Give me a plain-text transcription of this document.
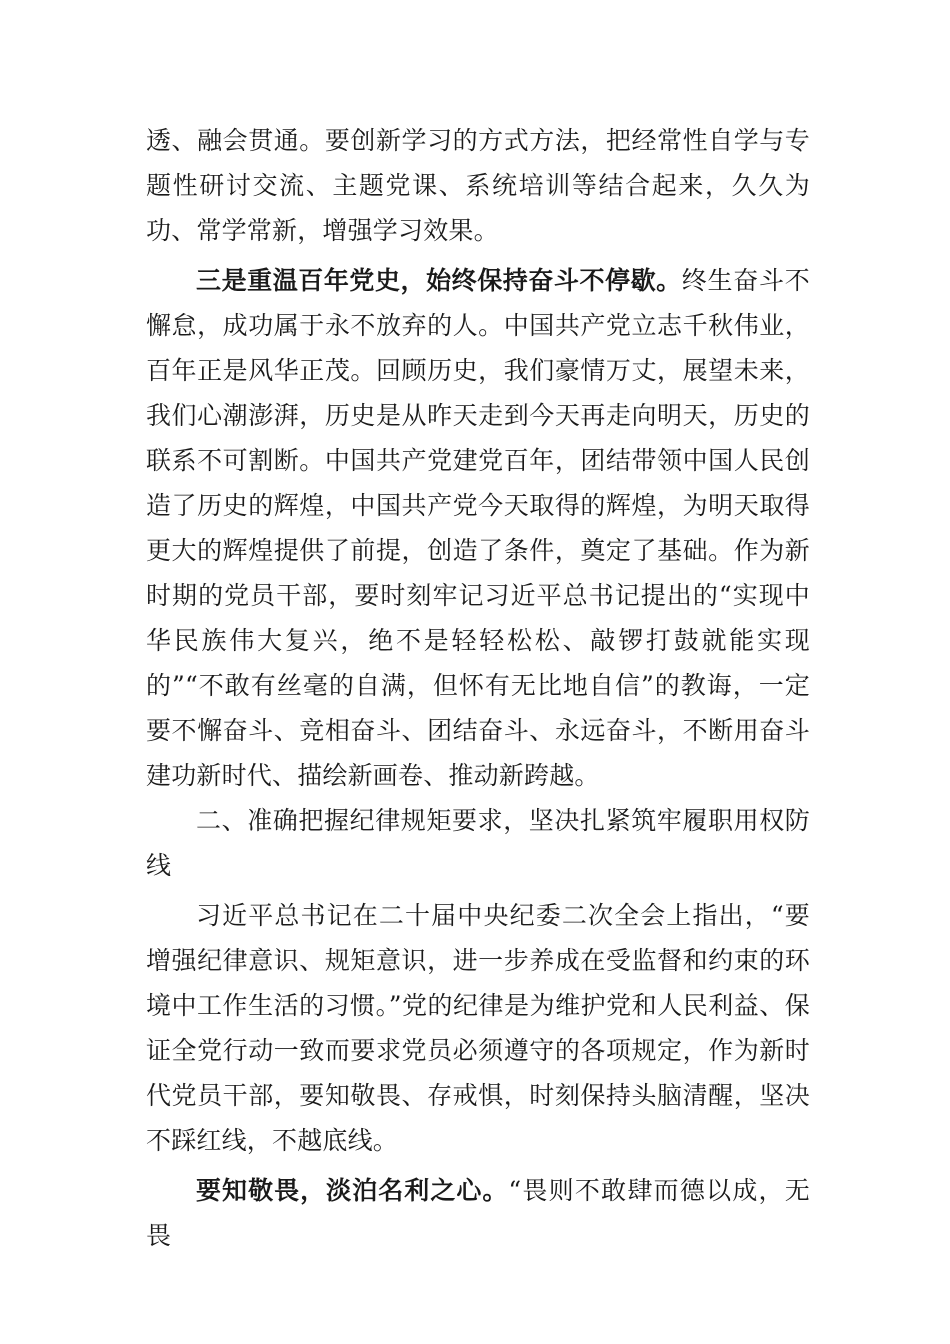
透、融会贯通。要创新学习的方式方法，把经常性自学与专题性研讨交流、主题党课、系统培训等结合起来，久久为功、常学常新，增强学习效果。

三是重温百年党史，始终保持奋斗不停歇。终生奋斗不懈怠，成功属于永不放弃的人。中国共产党立志千秋伟业，百年正是风华正茂。回顾历史，我们豪情万丈，展望未来，我们心潮澎湃，历史是从昨天走到今天再走向明天，历史的联系不可割断。中国共产党建党百年，团结带领中国人民创造了历史的辉煌，中国共产党今天取得的辉煌，为明天取得更大的辉煌提供了前提，创造了条件，奠定了基础。作为新时期的党员干部，要时刻牢记习近平总书记提出的“实现中华民族伟大复兴，绝不是轻轻松松、敲锣打鼓就能实现的”“不敢有丝毫的自满，但怀有无比地自信”的教诲，一定要不懈奋斗、竞相奋斗、团结奋斗、永远奋斗，不断用奋斗建功新时代、描绘新画卷、推动新跨越。

二、准确把握纪律规矩要求，坚决扎紧筑牢履职用权防线

习近平总书记在二十届中央纪委二次全会上指出，“要增强纪律意识、规矩意识，进一步养成在受监督和约束的环境中工作生活的习惯。”党的纪律是为维护党和人民利益、保证全党行动一致而要求党员必须遵守的各项规定，作为新时代党员干部，要知敬畏、存戒惧，时刻保持头脑清醒，坚决不踩红线，不越底线。

要知敬畏，淡泊名利之心。“畏则不敢肆而德以成，无畏
